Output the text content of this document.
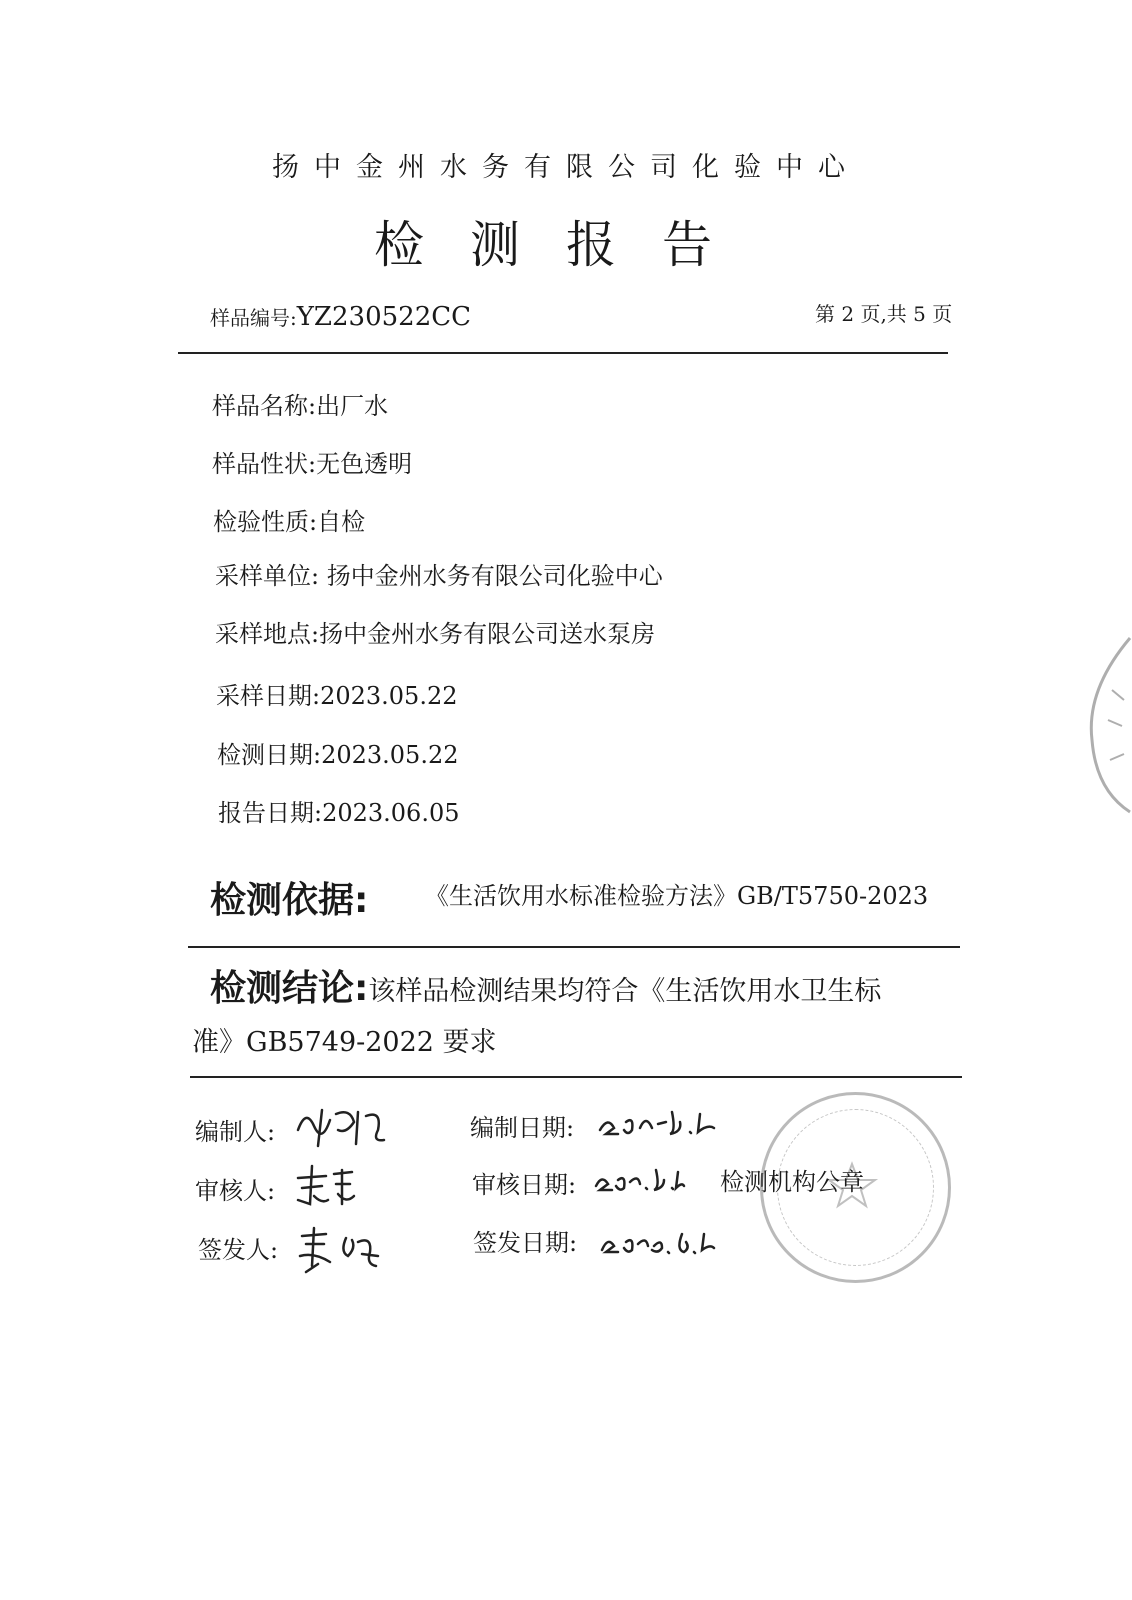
扬中金州水务有限公司化验中心
检测报告
样品编号:YZ230522CC	第 2 页,共 5 页
样品名称:出厂水
样品性状:无色透明
检验性质:自检
采样单位: 扬中金州水务有限公司化验中心
采样地点:扬中金州水务有限公司送水泵房
采样日期:2023.05.22
检测日期:2023.05.22
报告日期:2023.06.05
检测依据: 《生活饮用水标准检验方法》GB/T5750-2023
检测结论:该样品检测结果均符合《生活饮用水卫生标
准》GB5749-2022 要求
编制人:	编制日期:
审核人:	审核日期:	检测机构公章
签发人:	签发日期:
